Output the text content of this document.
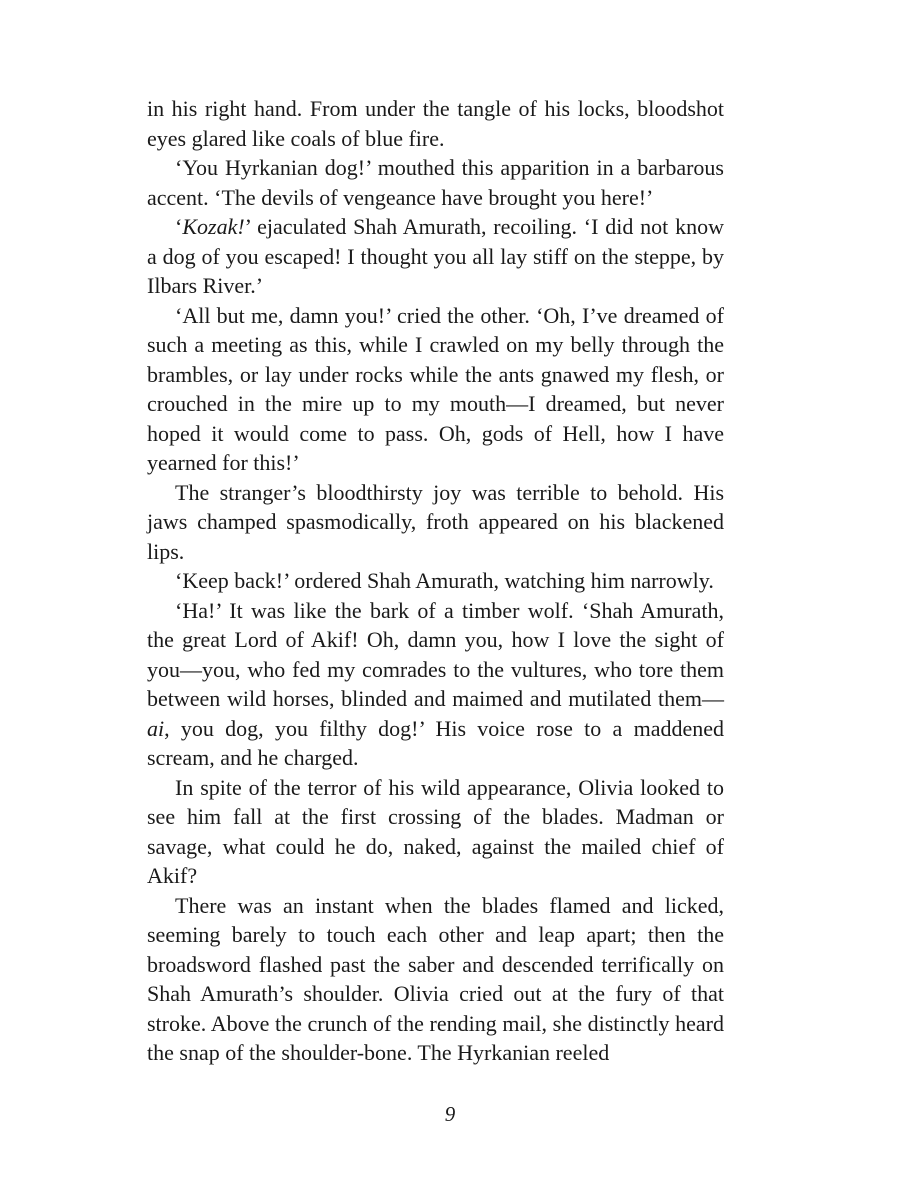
in his right hand. From under the tangle of his locks, bloodshot eyes glared like coals of blue fire.

‘You Hyrkanian dog!’ mouthed this apparition in a barbarous accent. ‘The devils of vengeance have brought you here!’

‘Kozak!’ ejaculated Shah Amurath, recoiling. ‘I did not know a dog of you escaped! I thought you all lay stiff on the steppe, by Ilbars River.’

‘All but me, damn you!’ cried the other. ‘Oh, I’ve dreamed of such a meeting as this, while I crawled on my belly through the brambles, or lay under rocks while the ants gnawed my flesh, or crouched in the mire up to my mouth—I dreamed, but never hoped it would come to pass. Oh, gods of Hell, how I have yearned for this!’

The stranger’s bloodthirsty joy was terrible to behold. His jaws champed spasmodically, froth appeared on his blackened lips.

‘Keep back!’ ordered Shah Amurath, watching him narrowly.

‘Ha!’ It was like the bark of a timber wolf. ‘Shah Amurath, the great Lord of Akif! Oh, damn you, how I love the sight of you—you, who fed my comrades to the vultures, who tore them between wild horses, blinded and maimed and mutilated them—ai, you dog, you filthy dog!’ His voice rose to a maddened scream, and he charged.

In spite of the terror of his wild appearance, Olivia looked to see him fall at the first crossing of the blades. Madman or savage, what could he do, naked, against the mailed chief of Akif?

There was an instant when the blades flamed and licked, seeming barely to touch each other and leap apart; then the broadsword flashed past the saber and descended terrifically on Shah Amurath’s shoulder. Olivia cried out at the fury of that stroke. Above the crunch of the rending mail, she distinctly heard the snap of the shoulder-bone. The Hyrkanian reeled

9
